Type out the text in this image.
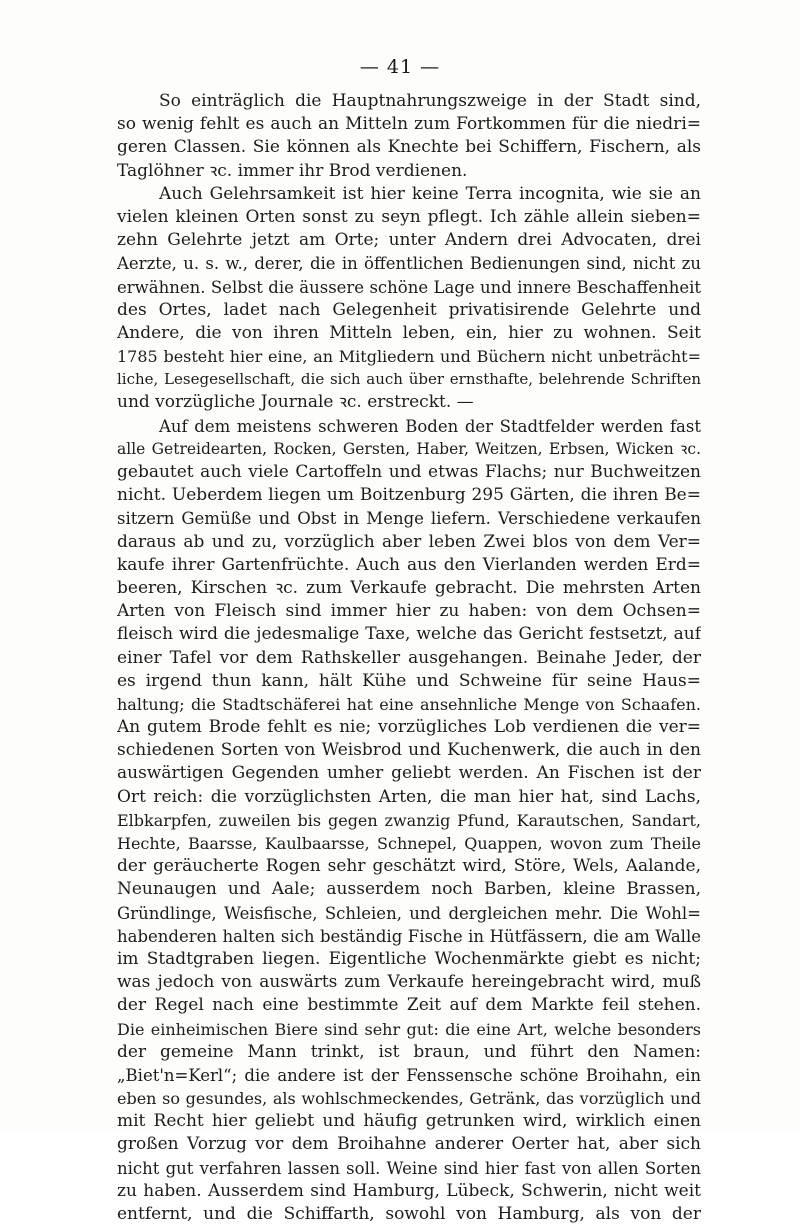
— 41 —
So einträglich die Hauptnahrungszweige in der Stadt sind,
so wenig fehlt es auch an Mitteln zum Fortkommen für die niedri=
geren Classen. Sie können als Knechte bei Schiffern, Fischern, als
Taglöhner ꝛc. immer ihr Brod verdienen.
Auch Gelehrsamkeit ist hier keine Terra incognita, wie sie an
vielen kleinen Orten sonst zu seyn pflegt. Ich zähle allein sieben=
zehn Gelehrte jetzt am Orte; unter Andern drei Advocaten, drei
Aerzte, u. s. w., derer, die in öffentlichen Bedienungen sind, nicht zu
erwähnen. Selbst die äussere schöne Lage und innere Beschaffenheit
des Ortes, ladet nach Gelegenheit privatisirende Gelehrte und
Andere, die von ihren Mitteln leben, ein, hier zu wohnen. Seit
1785 besteht hier eine, an Mitgliedern und Büchern nicht unbeträcht=
liche, Lesegesellschaft, die sich auch über ernsthafte, belehrende Schriften
und vorzügliche Journale ꝛc. erstreckt. —
Auf dem meistens schweren Boden der Stadtfelder werden fast
alle Getreidearten, Rocken, Gersten, Haber, Weitzen, Erbsen, Wicken ꝛc.
gebautet auch viele Cartoffeln und etwas Flachs; nur Buchweitzen
nicht. Ueberdem liegen um Boitzenburg 295 Gärten, die ihren Be=
sitzern Gemüße und Obst in Menge liefern. Verschiedene verkaufen
daraus ab und zu, vorzüglich aber leben Zwei blos von dem Ver=
kaufe ihrer Gartenfrüchte. Auch aus den Vierlanden werden Erd=
beeren, Kirschen ꝛc. zum Verkaufe gebracht. Die mehrsten Arten
Arten von Fleisch sind immer hier zu haben: von dem Ochsen=
fleisch wird die jedesmalige Taxe, welche das Gericht festsetzt, auf
einer Tafel vor dem Rathskeller ausgehangen. Beinahe Jeder, der
es irgend thun kann, hält Kühe und Schweine für seine Haus=
haltung; die Stadtschäferei hat eine ansehnliche Menge von Schaafen.
An gutem Brode fehlt es nie; vorzügliches Lob verdienen die ver=
schiedenen Sorten von Weisbrod und Kuchenwerk, die auch in den
auswärtigen Gegenden umher geliebt werden. An Fischen ist der
Ort reich: die vorzüglichsten Arten, die man hier hat, sind Lachs,
Elbkarpfen, zuweilen bis gegen zwanzig Pfund, Karautschen, Sandart,
Hechte, Baarsse, Kaulbaarsse, Schnepel, Quappen, wovon zum Theile
der geräucherte Rogen sehr geschätzt wird, Störe, Wels, Aalande,
Neunaugen und Aale; ausserdem noch Barben, kleine Brassen,
Gründlinge, Weisfische, Schleien, und dergleichen mehr. Die Wohl=
habenderen halten sich beständig Fische in Hütfässern, die am Walle
im Stadtgraben liegen. Eigentliche Wochenmärkte giebt es nicht;
was jedoch von auswärts zum Verkaufe hereingebracht wird, muß
der Regel nach eine bestimmte Zeit auf dem Markte feil stehen.
Die einheimischen Biere sind sehr gut: die eine Art, welche besonders
der gemeine Mann trinkt, ist braun, und führt den Namen:
„Biet'n=Kerl“; die andere ist der Fenssensche schöne Broihahn, ein
eben so gesundes, als wohlschmeckendes, Getränk, das vorzüglich und
mit Recht hier geliebt und häufig getrunken wird, wirklich einen
großen Vorzug vor dem Broihahne anderer Oerter hat, aber sich
nicht gut verfahren lassen soll. Weine sind hier fast von allen Sorten
zu haben. Ausserdem sind Hamburg, Lübeck, Schwerin, nicht weit
entfernt, und die Schiffarth, sowohl von Hamburg, als von der
